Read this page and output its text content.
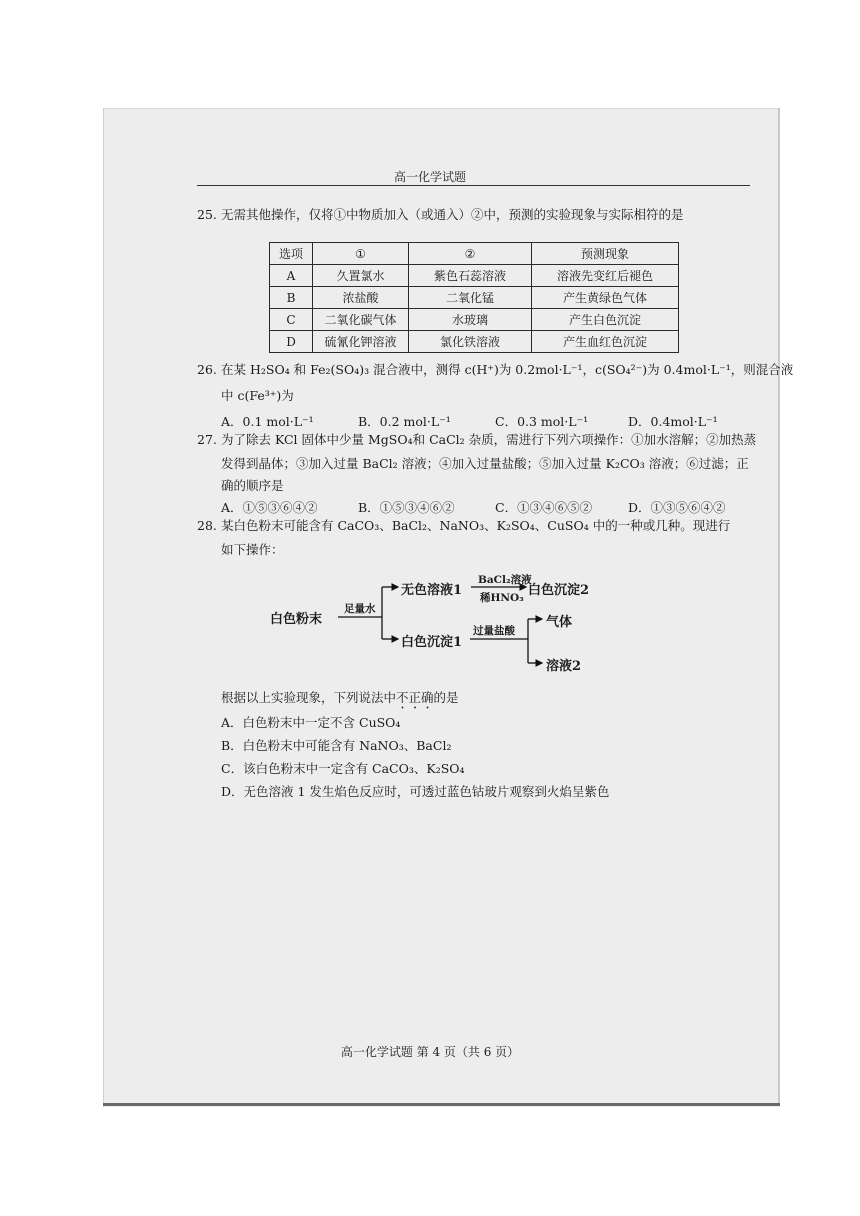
高一化学试题
25. 无需其他操作，仅将①中物质加入（或通入）②中，预测的实验现象与实际相符的是
选项	①	②	预测现象
A	久置氯水	紫色石蕊溶液	溶液先变红后褪色
B	浓盐酸	二氧化锰	产生黄绿色气体
C	二氧化碳气体	水玻璃	产生白色沉淀
D	硫氰化钾溶液	氯化铁溶液	产生血红色沉淀
26. 在某 H₂SO₄ 和 Fe₂(SO₄)₃ 混合液中，测得 c(H⁺)为 0.2mol·L⁻¹，c(SO₄²⁻)为 0.4mol·L⁻¹，则混合液
中 c(Fe³⁺)为
A．0.1 mol·L⁻¹	B．0.2 mol·L⁻¹	C．0.3 mol·L⁻¹	D．0.4mol·L⁻¹
27. 为了除去 KCl 固体中少量 MgSO₄和 CaCl₂ 杂质，需进行下列六项操作：①加水溶解；②加热蒸
发得到晶体；③加入过量 BaCl₂ 溶液；④加入过量盐酸；⑤加入过量 K₂CO₃ 溶液；⑥过滤；正
确的顺序是
A．①⑤③⑥④②	B．①⑤③④⑥②	C．①③④⑥⑤②	D．①③⑤⑥④②
28. 某白色粉末可能含有 CaCO₃、BaCl₂、NaNO₃、K₂SO₄、CuSO₄ 中的一种或几种。现进行
如下操作：
白色粉末
足量水
无色溶液1
BaCl₂溶液
稀HNO₃ 白色沉淀2
白色沉淀1
过量盐酸
气体
溶液2
根据以上实验现象，下列说法中不正确的是
A．白色粉末中一定不含 CuSO₄
B．白色粉末中可能含有 NaNO₃、BaCl₂
C．该白色粉末中一定含有 CaCO₃、K₂SO₄
D．无色溶液 1 发生焰色反应时，可透过蓝色钴玻片观察到火焰呈紫色
高一化学试题 第 4 页（共 6 页）
